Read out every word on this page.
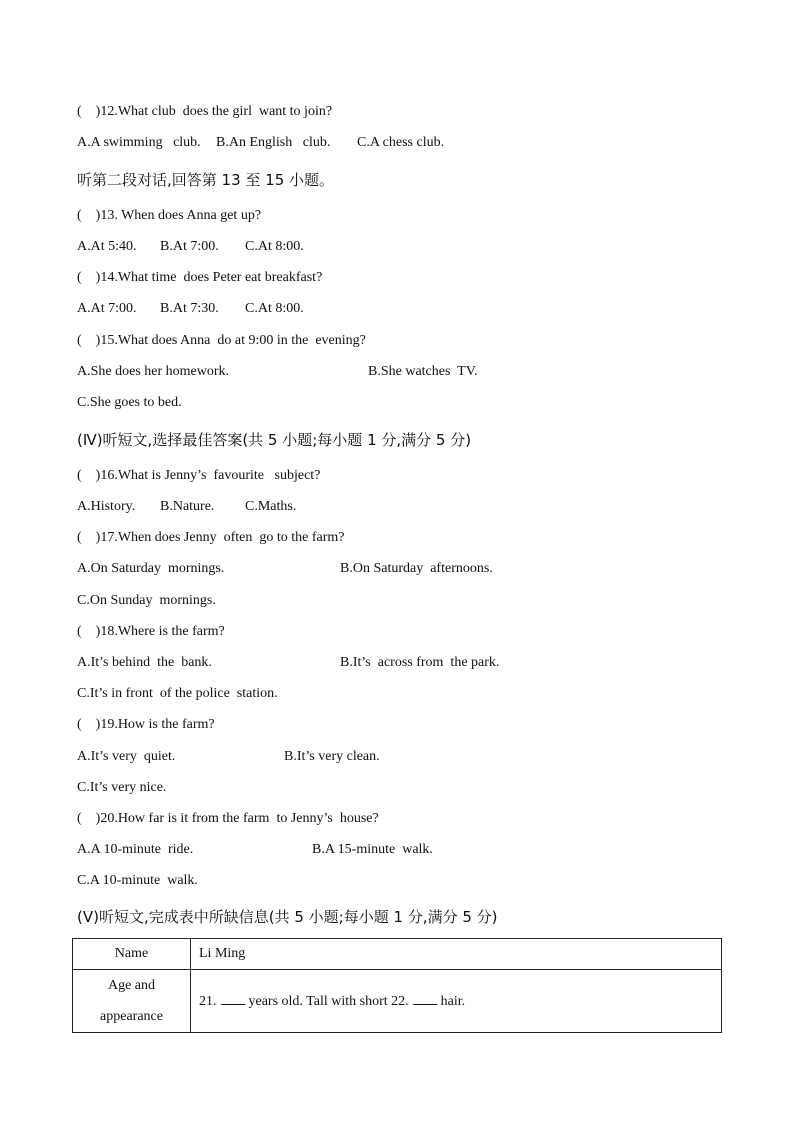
(    )12.What club  does the girl  want to join?
A.A swimming   club. B.An English   club. C.A chess club.
听第二段对话,回答第 13 至 15 小题。
(    )13. When does Anna get up?
A.At 5:40. B.At 7:00. C.At 8:00.
(    )14.What time  does Peter eat breakfast?
A.At 7:00. B.At 7:30. C.At 8:00.
(    )15.What does Anna  do at 9:00 in the  evening?
A.She does her homework.	B.She watches  TV.
C.She goes to bed.
(Ⅳ)听短文,选择最佳答案(共 5 小题;每小题 1 分,满分 5 分)
(    )16.What is Jenny’s  favourite   subject?
A.History. B.Nature. C.Maths.
(    )17.When does Jenny  often  go to the farm?
A.On Saturday  mornings.	B.On Saturday  afternoons.
C.On Sunday  mornings.
(    )18.Where is the farm?
A.It’s behind  the  bank.	B.It’s  across from  the park.
C.It’s in front  of the police  station.
(    )19.How is the farm?
A.It’s very  quiet.	B.It’s very clean.
C.It’s very nice.
(    )20.How far is it from the farm  to Jenny’s  house?
A.A 10-minute  ride.	B.A 15-minute  walk.
C.A 10-minute  walk.
(Ⅴ)听短文,完成表中所缺信息(共 5 小题;每小题 1 分,满分 5 分)
Name	Li Ming

Age and
appearance	21. years old. Tall with short 22. hair.
